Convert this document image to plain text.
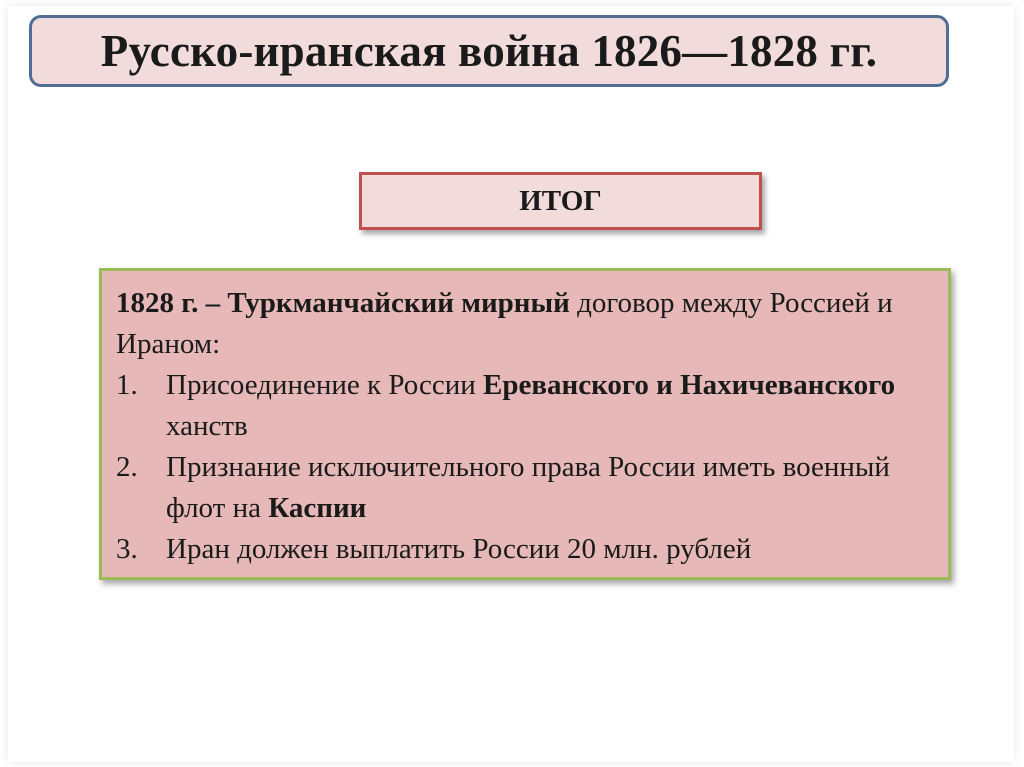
Русско-иранская война 1826—1828 гг.
ИТОГ

1828 г. – Туркманчайский мирный договор между Россией и Ираном:

1. Присоединение к России Ереванского и Нахичеванского ханств
2. Признание исключительного права России иметь военный флот на Каспии
3. Иран должен выплатить России 20 млн. рублей
